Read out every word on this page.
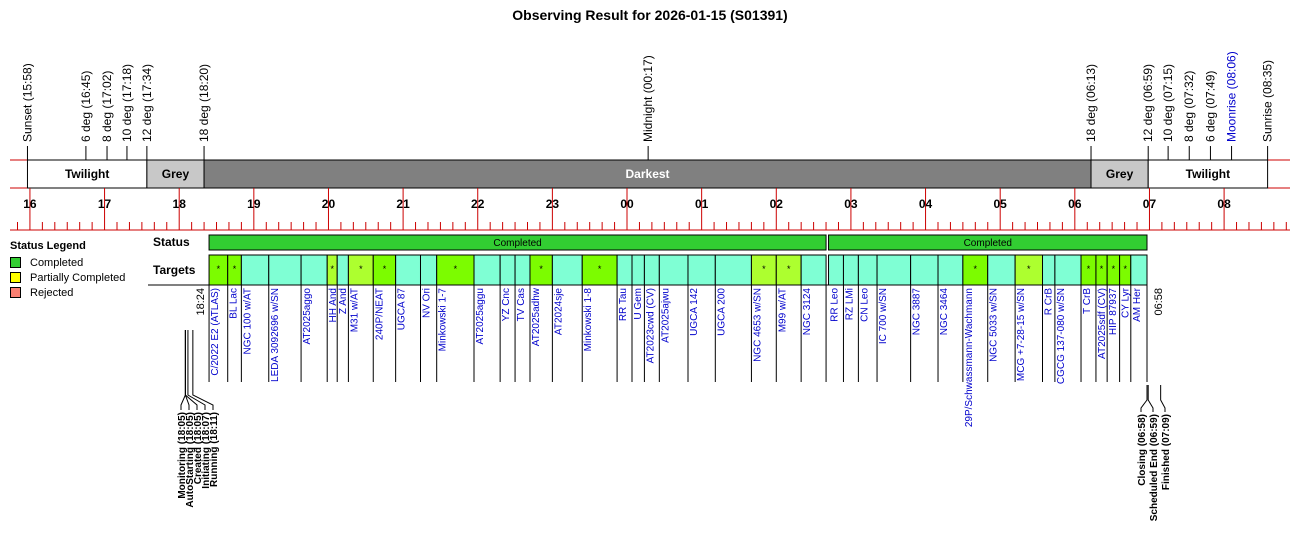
Observing Result for 2026-01-15 (S01391)
Sunset (15:58)	6 deg (16:45) 8 deg (17:02) 10 deg (17:18) 12 deg (17:34)	18 deg (18:20)	Midnight (00:17)	18 deg (06:13)	12 deg (06:59) 10 deg (07:15) 8 deg (07:32) 6 deg (07:49) Moonrise (08:06) Sunrise (08:35)
Twilight	Grey	Darkest	Grey	Twilight
16	17	18	19	20	21	22	23	00	01	02	03	04	05	06	07	08
Status
Targets
Completed	Completed
*
C/2022 E2 (ATLAS)
*
BL Lac NGC 100 w/AT LEDA 3092696 w/SN AT2025aggo
*
HH And Z And
*
M31 w/AT
*
240P/NEAT UGCA 87 NV Ori
*
Minkowski 1-7	AT2025aggu YZ Cnc TV Cas
*
AT2025adhw AT2024sje
*
Minkowski 1-8 RR Tau U Gem AT2023cwd (CV) AT2025ajwu UGCA 142 UGCA 200
*
NGC 4653 w/SN
*
M99 w/AT NGC 3124 RR Leo RZ LMi CN Leo IC 700 w/SN NGC 3887 NGC 3464
*
29P/Schwassmann-Wachmann NGC 5033 w/SN
*
MCG +7-28-15 w/SN R CrB CGCG 137-080 w/SN
*
T CrB
*
AT2025sdf (CV)
*
HIP 87937
*
CY Lyr AM Her
18:24	06:58
Monitoring (18:05)
AutoStarting (18:05)
Created (18:05)
Initiating (18:07)
Running (18:11)	Closing (06:58) Scheduled End (06:59) Finished (07:09)
Status Legend
Completed
Partially Completed
Rejected
